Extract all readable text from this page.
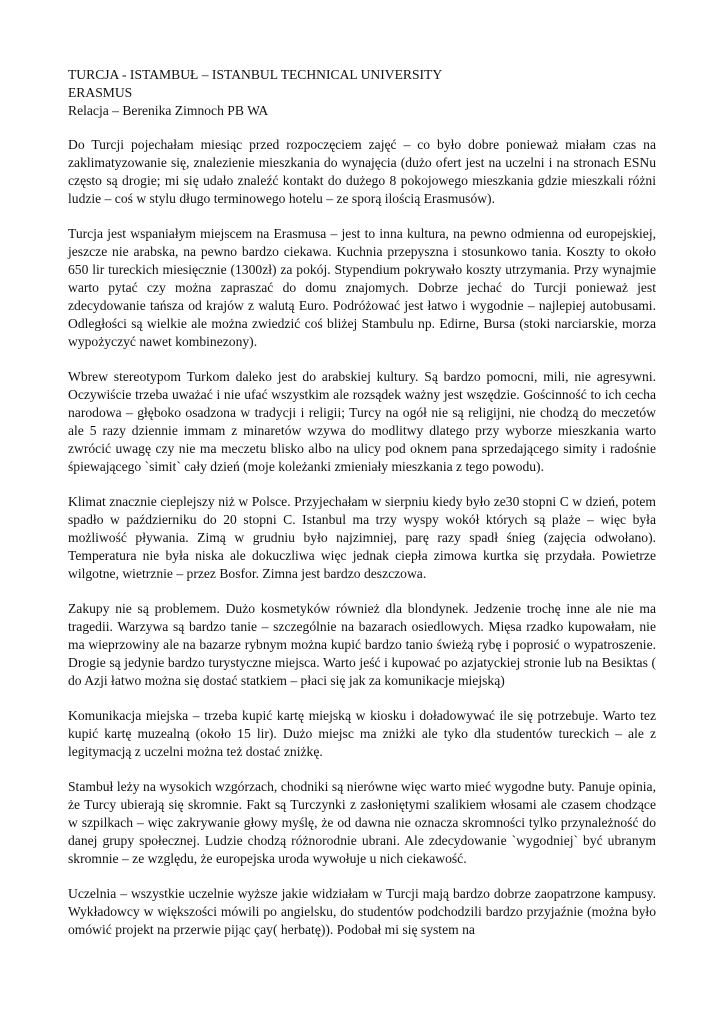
TURCJA - ISTAMBUŁ – ISTANBUL TECHNICAL UNIVERSITY

ERASMUS

Relacja – Berenika Zimnoch PB WA

Do Turcji pojechałam miesiąc przed rozpoczęciem zajęć – co było dobre ponieważ miałam czas na zaklimatyzowanie się, znalezienie mieszkania do wynajęcia (dużo ofert jest na uczelni i na stronach ESNu często są drogie; mi się udało znaleźć kontakt do dużego 8 pokojowego mieszkania gdzie mieszkali różni ludzie – coś w stylu długo terminowego hotelu – ze sporą ilością Erasmusów).

Turcja jest wspaniałym miejscem na Erasmusa – jest to inna kultura, na pewno odmienna od europejskiej, jeszcze nie arabska, na pewno bardzo ciekawa. Kuchnia przepyszna i stosunkowo tania. Koszty to około 650 lir tureckich miesięcznie (1300zł) za pokój. Stypendium pokrywało koszty utrzymania. Przy wynajmie warto pytać czy można zapraszać do domu znajomych. Dobrze jechać do Turcji ponieważ jest zdecydowanie tańsza od krajów z walutą Euro. Podróżować jest łatwo i wygodnie – najlepiej autobusami. Odległości są wielkie ale można zwiedzić coś bliżej Stambulu np. Edirne, Bursa (stoki narciarskie, morza wypożyczyć nawet kombinezony).

Wbrew stereotypom Turkom daleko jest do arabskiej kultury. Są bardzo pomocni, mili, nie agresywni. Oczywiście trzeba uważać i nie ufać wszystkim ale rozsądek ważny jest wszędzie. Gościnność to ich cecha narodowa – głęboko osadzona w tradycji i religii; Turcy na ogół nie są religijni, nie chodzą do meczetów ale 5 razy dziennie immam z minaretów wzywa do modlitwy dlatego przy wyborze mieszkania warto zwrócić uwagę czy nie ma meczetu blisko albo na ulicy pod oknem pana sprzedającego simity i radośnie śpiewającego `simit` cały dzień (moje koleżanki zmieniały mieszkania z tego powodu).

Klimat znacznie cieplejszy niż w Polsce. Przyjechałam w sierpniu kiedy było ze30 stopni C w dzień, potem spadło w październiku do 20 stopni C. Istanbul ma trzy wyspy wokół których są plaże – więc była możliwość pływania. Zimą w grudniu było najzimniej, parę razy spadł śnieg (zajęcia odwołano). Temperatura nie była niska ale dokuczliwa więc jednak ciepła zimowa kurtka się przydała. Powietrze wilgotne, wietrznie – przez Bosfor. Zimna jest bardzo deszczowa.

Zakupy nie są problemem. Dużo kosmetyków również dla blondynek. Jedzenie trochę inne ale nie ma tragedii. Warzywa są bardzo tanie – szczególnie na bazarach osiedlowych. Mięsa rzadko kupowałam, nie ma wieprzowiny ale na bazarze rybnym można kupić bardzo tanio świeżą rybę i poprosić o wypatroszenie. Drogie są jedynie bardzo turystyczne miejsca. Warto jeść i kupować po azjatyckiej stronie lub na Besiktas ( do Azji łatwo można się dostać statkiem – płaci się jak za komunikacje miejską)

Komunikacja miejska – trzeba kupić kartę miejską w kiosku i doładowywać ile się potrzebuje. Warto tez kupić kartę muzealną (około 15 lir). Dużo miejsc ma zniżki ale tyko dla studentów tureckich – ale z legitymacją z uczelni można też dostać zniżkę.

Stambuł leży na wysokich wzgórzach, chodniki są nierówne więc warto mieć wygodne buty. Panuje opinia, że Turcy ubierają się skromnie. Fakt są Turczynki z zasłoniętymi szalikiem włosami ale czasem chodzące w szpilkach – więc zakrywanie głowy myślę, że od dawna nie oznacza skromności tylko przynależność do danej grupy społecznej. Ludzie chodzą różnorodnie ubrani. Ale zdecydowanie `wygodniej` być ubranym skromnie – ze względu, że europejska uroda wywołuje u nich ciekawość.

Uczelnia – wszystkie uczelnie wyższe jakie widziałam w Turcji mają bardzo dobrze zaopatrzone kampusy. Wykładowcy w większości mówili po angielsku, do studentów podchodzili bardzo przyjaźnie (można było omówić projekt na przerwie pijąc çay( herbatę)). Podobał mi się system na
